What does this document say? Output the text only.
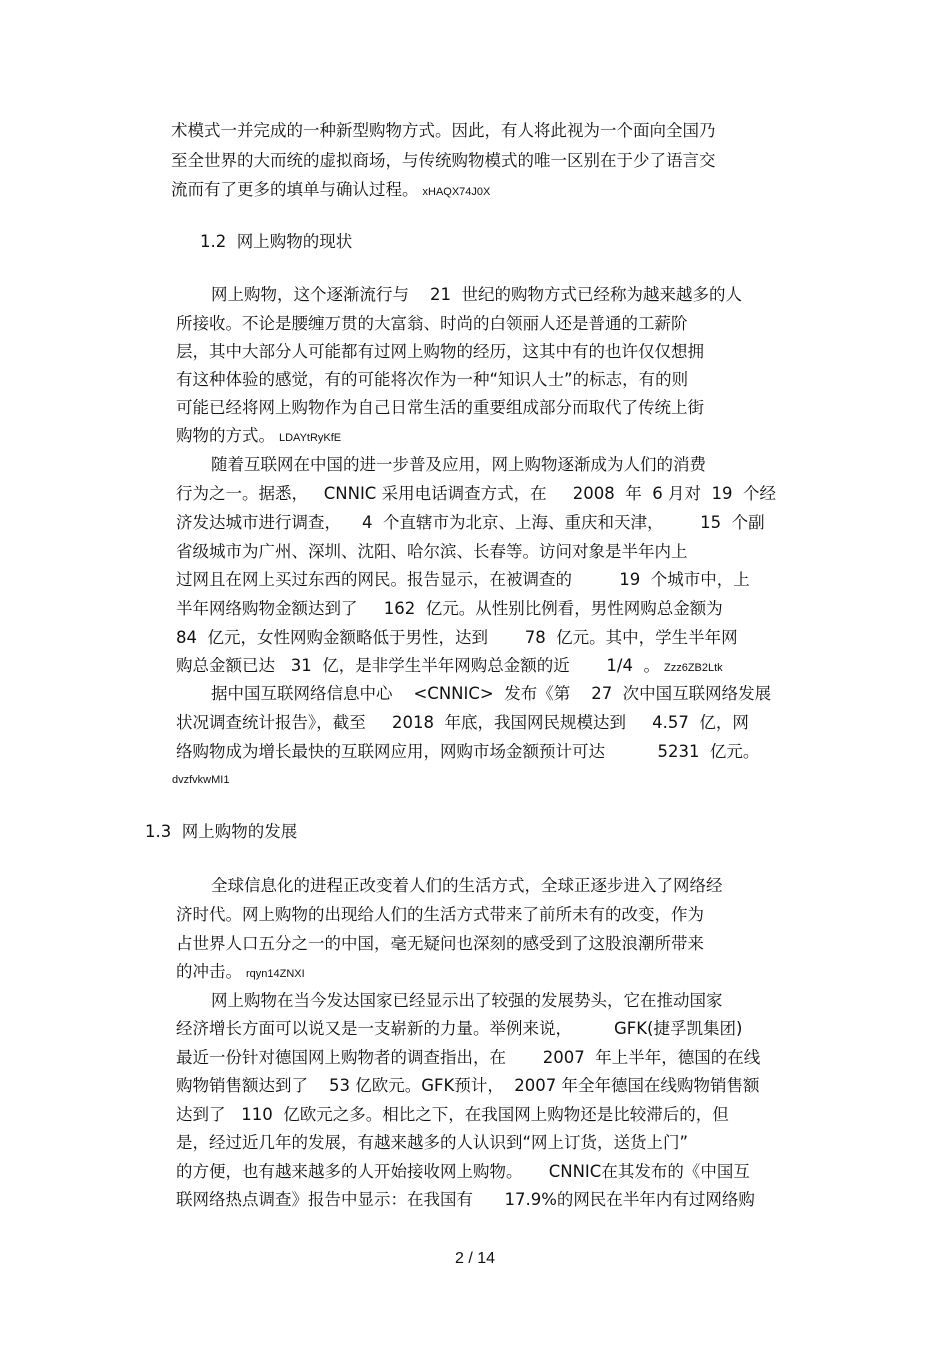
术模式一并完成的一种新型购物方式。因此，有人将此视为一个面向全国乃
至全世界的大而统的虚拟商场，与传统购物模式的唯一区别在于少了语言交
流而有了更多的填单与确认过程。 xHAQX74J0X
1.2  网上购物的现状
网上购物，这个逐渐流行与    21  世纪的购物方式已经称为越来越多的人
所接收。不论是腰缠万贯的大富翁、时尚的白领丽人还是普通的工薪阶
层，其中大部分人可能都有过网上购物的经历，这其中有的也许仅仅想拥
有这种体验的感觉，有的可能将次作为一种“知识人士”的标志，有的则
可能已经将网上购物作为自己日常生活的重要组成部分而取代了传统上街
购物的方式。 LDAYtRyKfE
随着互联网在中国的进一步普及应用，网上购物逐渐成为人们的消费
行为之一。据悉，   CNNIC 采用电话调查方式，在     2008  年  6 月对  19  个经
济发达城市进行调查，    4  个直辖市为北京、上海、重庆和天津，       15  个副
省级城市为广州、深圳、沈阳、哈尔滨、长春等。访问对象是半年内上
过网且在网上买过东西的网民。报告显示，在被调查的         19  个城市中，上
半年网络购物金额达到了     162  亿元。从性别比例看，男性网购总金额为
84  亿元，女性网购金额略低于男性，达到       78  亿元。其中，学生半年网
购总金额已达   31  亿，是非学生半年网购总金额的近       1/4  。 Zzz6ZB2Ltk
据中国互联网络信息中心    <CNNIC>  发布《第    27  次中国互联网络发展
状况调查统计报告》，截至     2018  年底，我国网民规模达到     4.57  亿，网
络购物成为增长最快的互联网应用，网购市场金额预计可达          5231  亿元。
dvzfvkwMI1
1.3  网上购物的发展
全球信息化的进程正改变着人们的生活方式，全球正逐步进入了网络经
济时代。网上购物的出现给人们的生活方式带来了前所未有的改变，作为
占世界人口五分之一的中国，毫无疑问也深刻的感受到了这股浪潮所带来
的冲击。 rqyn14ZNXI
网上购物在当今发达国家已经显示出了较强的发展势头，它在推动国家
经济增长方面可以说又是一支崭新的力量。举例来说，        GFK(捷孚凯集团)
最近一份针对德国网上购物者的调查指出，在       2007  年上半年，德国的在线
购物销售额达到了    53 亿欧元。GFK预计，  2007 年全年德国在线购物销售额
达到了   110  亿欧元之多。相比之下，在我国网上购物还是比较滞后的，但
是，经过近几年的发展，有越来越多的人认识到“网上订货，送货上门”
的方便，也有越来越多的人开始接收网上购物。     CNNIC在其发布的《中国互
联网络热点调查》报告中显示：在我国有      17.9%的网民在半年内有过网络购
2 / 14
